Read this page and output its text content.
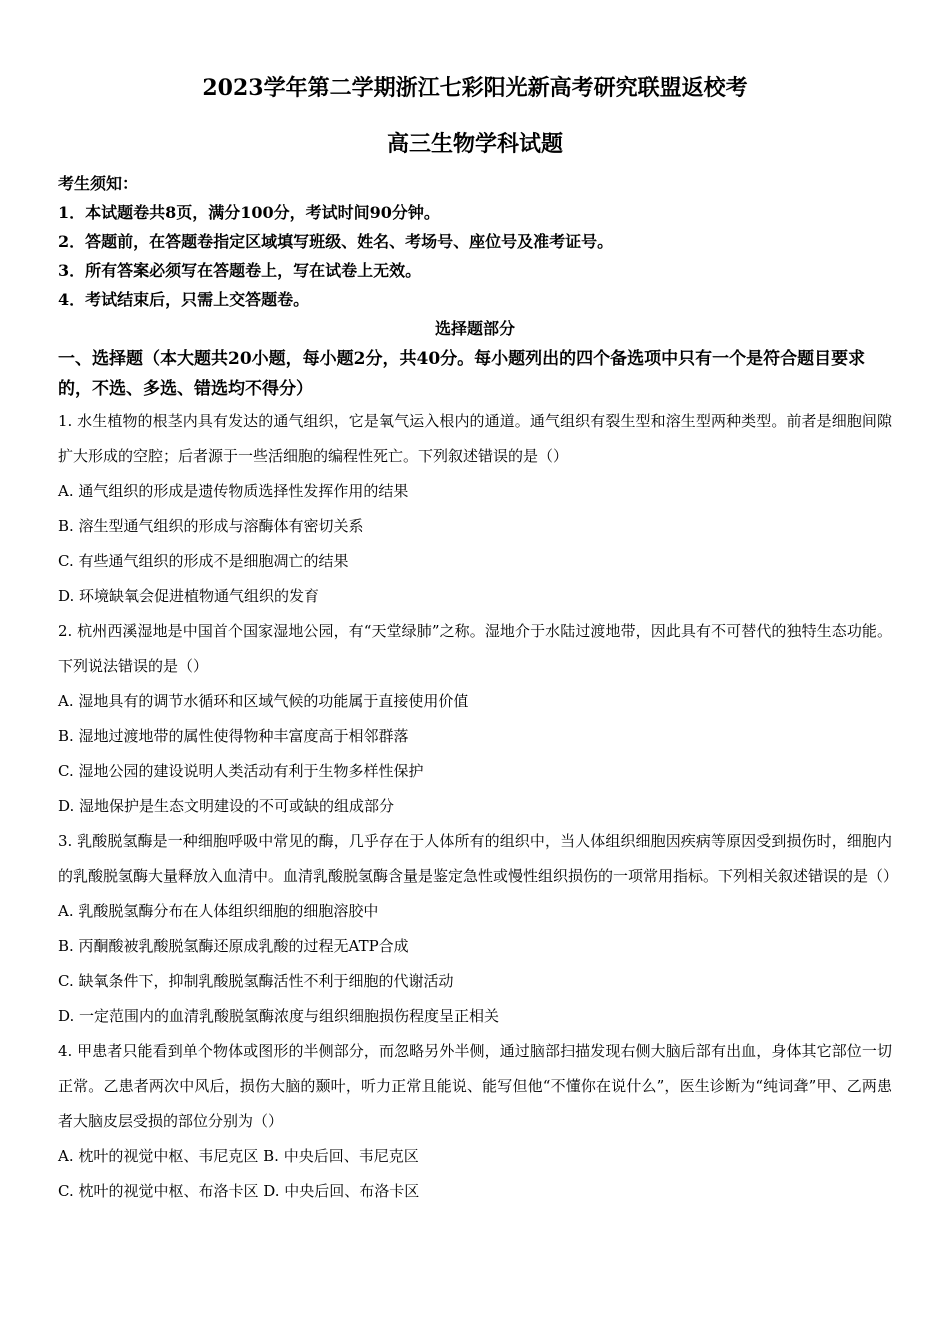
2023学年第二学期浙江七彩阳光新高考研究联盟返校考
高三生物学科试题
考生须知：
1．本试题卷共8页，满分100分，考试时间90分钟。
2．答题前，在答题卷指定区域填写班级、姓名、考场号、座位号及准考证号。
3．所有答案必须写在答题卷上，写在试卷上无效。
4．考试结束后，只需上交答题卷。
选择题部分
一、选择题（本大题共20小题，每小题2分，共40分。每小题列出的四个备选项中只有一个是符合题目要求的，不选、多选、错选均不得分）
1. 水生植物的根茎内具有发达的通气组织，它是氧气运入根内的通道。通气组织有裂生型和溶生型两种类型。前者是细胞间隙扩大形成的空腔；后者源于一些活细胞的编程性死亡。下列叙述错误的是（）
A. 通气组织的形成是遗传物质选择性发挥作用的结果
B. 溶生型通气组织的形成与溶酶体有密切关系
C. 有些通气组织的形成不是细胞凋亡的结果
D. 环境缺氧会促进植物通气组织的发育
2. 杭州西溪湿地是中国首个国家湿地公园，有“天堂绿肺”之称。湿地介于水陆过渡地带，因此具有不可替代的独特生态功能。下列说法错误的是（）
A. 湿地具有的调节水循环和区域气候的功能属于直接使用价值
B. 湿地过渡地带的属性使得物种丰富度高于相邻群落
C. 湿地公园的建设说明人类活动有利于生物多样性保护
D. 湿地保护是生态文明建设的不可或缺的组成部分
3. 乳酸脱氢酶是一种细胞呼吸中常见的酶，几乎存在于人体所有的组织中，当人体组织细胞因疾病等原因受到损伤时，细胞内的乳酸脱氢酶大量释放入血清中。血清乳酸脱氢酶含量是鉴定急性或慢性组织损伤的一项常用指标。下列相关叙述错误的是（）
A. 乳酸脱氢酶分布在人体组织细胞的细胞溶胶中
B. 丙酮酸被乳酸脱氢酶还原成乳酸的过程无ATP合成
C. 缺氧条件下，抑制乳酸脱氢酶活性不利于细胞的代谢活动
D. 一定范围内的血清乳酸脱氢酶浓度与组织细胞损伤程度呈正相关
4. 甲患者只能看到单个物体或图形的半侧部分，而忽略另外半侧，通过脑部扫描发现右侧大脑后部有出血，身体其它部位一切正常。乙患者两次中风后，损伤大脑的颞叶，听力正常且能说、能写但他“不懂你在说什么”，医生诊断为“纯词聋”甲、乙两患者大脑皮层受损的部位分别为（）
A. 枕叶的视觉中枢、韦尼克区 B. 中央后回、韦尼克区
C. 枕叶的视觉中枢、布洛卡区 D. 中央后回、布洛卡区
